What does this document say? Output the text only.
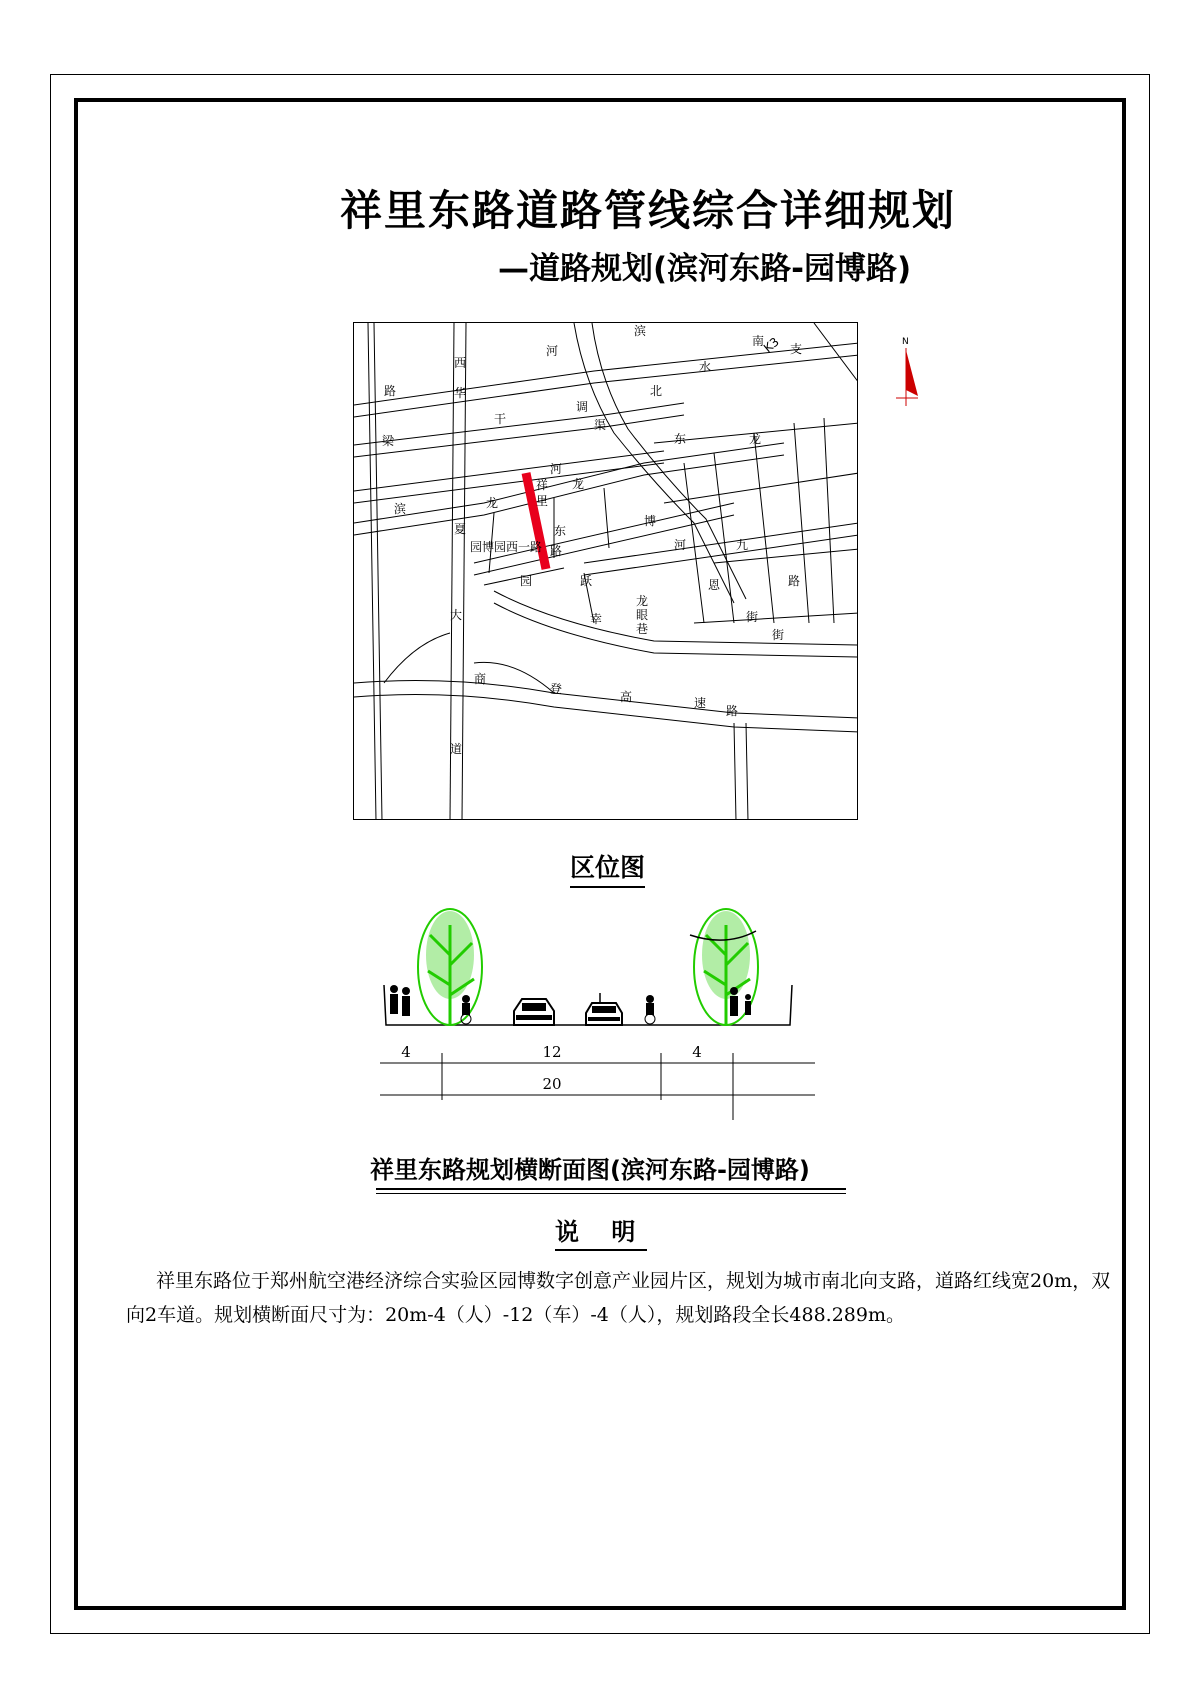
祥里东路道路管线综合详细规划
—道路规划(滨河东路-园博路)
滨
河
南
K3 支
西
路	华	北
水
调
梁
干	渠
东	龙
滨
夏
龙
祥
河
里
龙
园博园西一路
东
路
园	跃
博
河	九
恩
街
幸
龙
眼
巷
路
街
大
商
登
高	速
路
道
N
区位图
4	12	4
20
祥里东路规划横断面图(滨河东路-园博路)
说 明
祥里东路位于郑州航空港经济综合实验区园博数字创意产业园片区，规划为城市南北向支路，道路红线宽20m，双向2车道。规划横断面尺寸为：20m-4（人）-12（车）-4（人），规划路段全长488.289m。
